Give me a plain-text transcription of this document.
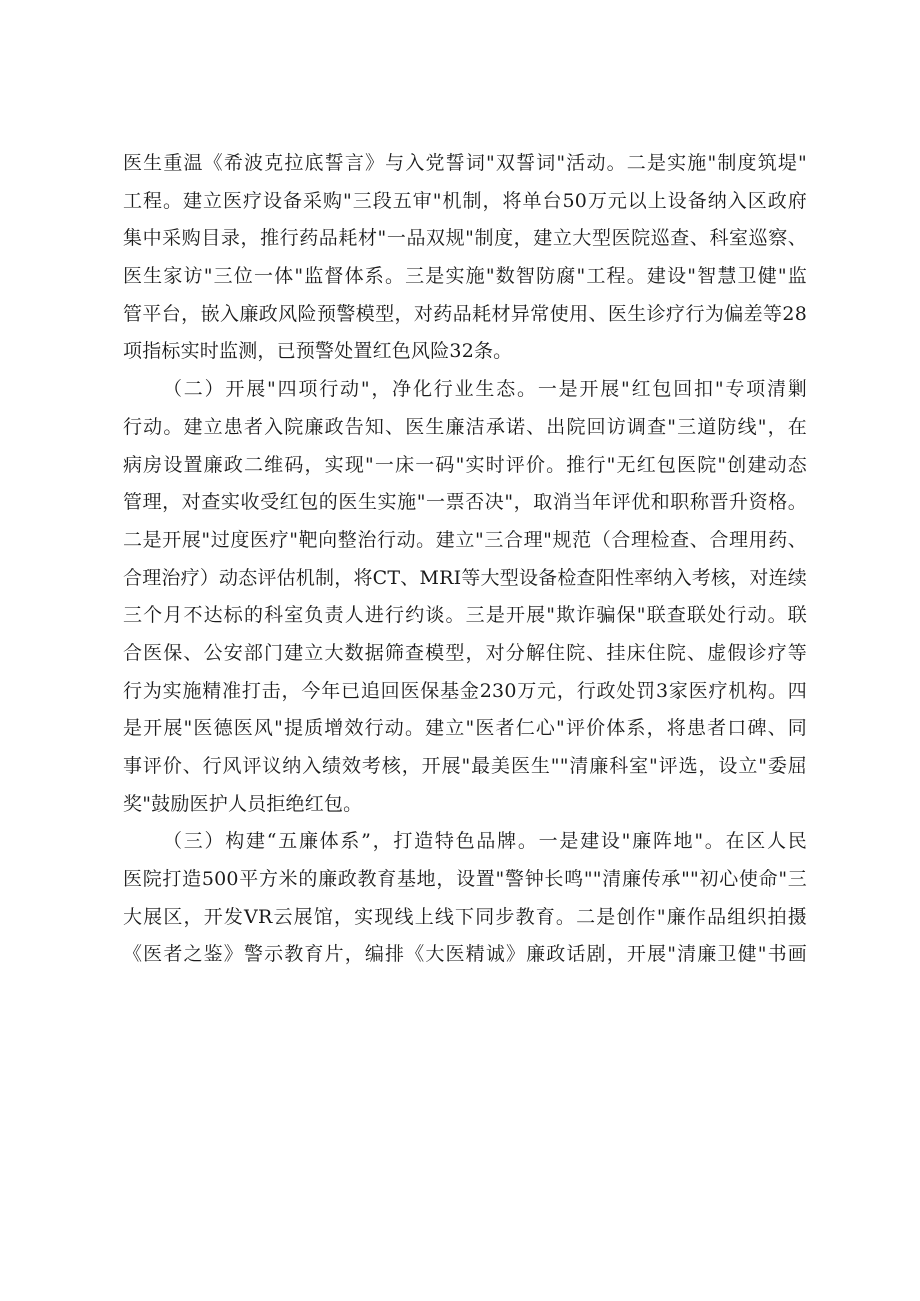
医生重温《希波克拉底誓言》与入党誓词"双誓词"活动。二是实施"制度筑堤"
工程。建立医疗设备采购"三段五审"机制，将单台50万元以上设备纳入区政府
集中采购目录，推行药品耗材"一品双规"制度，建立大型医院巡查、科室巡察、
医生家访"三位一体"监督体系。三是实施"数智防腐"工程。建设"智慧卫健"监
管平台，嵌入廉政风险预警模型，对药品耗材异常使用、医生诊疗行为偏差等28
项指标实时监测，已预警处置红色风险32条。
（二）开展"四项行动"，净化行业生态。一是开展"红包回扣"专项清剿
行动。建立患者入院廉政告知、医生廉洁承诺、出院回访调查"三道防线"，在
病房设置廉政二维码，实现"一床一码"实时评价。推行"无红包医院"创建动态
管理，对查实收受红包的医生实施"一票否决"，取消当年评优和职称晋升资格。
二是开展"过度医疗"靶向整治行动。建立"三合理"规范（合理检查、合理用药、
合理治疗）动态评估机制，将CT、MRI等大型设备检查阳性率纳入考核，对连续
三个月不达标的科室负责人进行约谈。三是开展"欺诈骗保"联查联处行动。联
合医保、公安部门建立大数据筛查模型，对分解住院、挂床住院、虚假诊疗等
行为实施精准打击，今年已追回医保基金230万元，行政处罚3家医疗机构。四
是开展"医德医风"提质增效行动。建立"医者仁心"评价体系，将患者口碑、同
事评价、行风评议纳入绩效考核，开展"最美医生""清廉科室"评选，设立"委屈
奖"鼓励医护人员拒绝红包。
（三）构建“五廉体系”，打造特色品牌。一是建设"廉阵地"。在区人民
医院打造500平方米的廉政教育基地，设置"警钟长鸣""清廉传承""初心使命"三
大展区，开发VR云展馆，实现线上线下同步教育。二是创作"廉作品组织拍摄
《医者之鉴》警示教育片，编排《大医精诚》廉政话剧，开展"清廉卫健"书画
